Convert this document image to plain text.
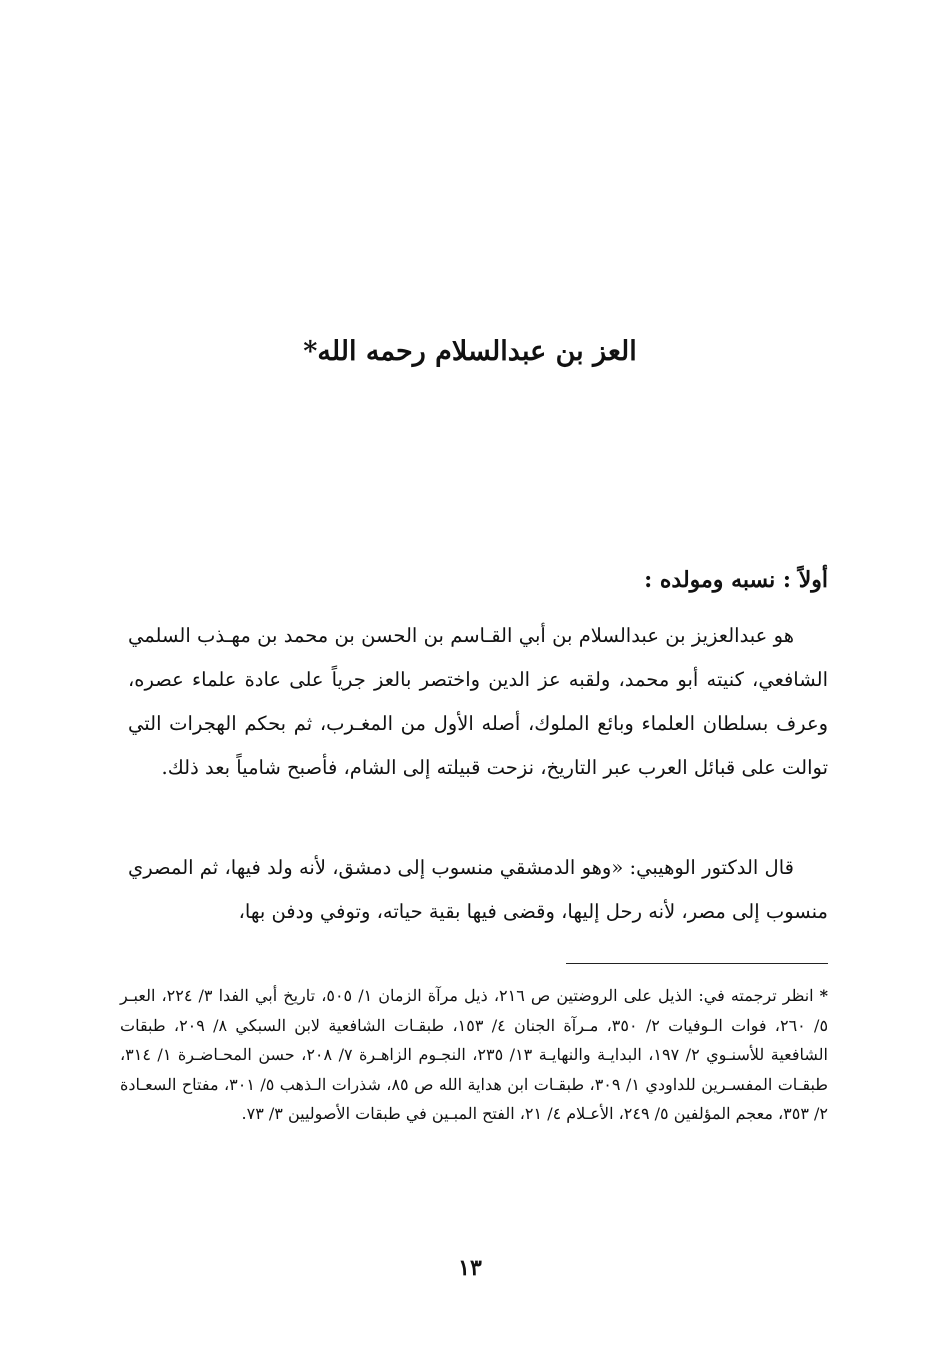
العز بن عبدالسلام رحمه الله*
أولاً : نسبه ومولده :

هو عبدالعزيز بن عبدالسلام بن أبي القـاسم بن الحسن بن محمد بن مهـذب السلمي الشافعي، كنيته أبو محمد، ولقبه عز الدين واختصر بالعز جرياً على عادة علماء عصره، وعرف بسلطان العلماء وبائع الملوك، أصله الأول من المغـرب، ثم بحكم الهجرات التي توالت على قبائل العرب عبر التاريخ، نزحت قبيلته إلى الشام، فأصبح شامياً بعد ذلك.

قال الدكتور الوهيبي: «وهو الدمشقي منسوب إلى دمشق، لأنه ولد فيها، ثم المصري منسوب إلى مصر، لأنه رحل إليها، وقضى فيها بقية حياته، وتوفي ودفن بها،

*انظر ترجمته في: الذيل على الروضتين ص ٢١٦، ذيل مرآة الزمان ١/ ٥٠٥، تاريخ أبي الفدا ٣/ ٢٢٤، العبـر ٥/ ٢٦٠، فوات الـوفيات ٢/ ٣٥٠، مـرآة الجنان ٤/ ١٥٣، طبقـات الشافعية لابن السبكي ٨/ ٢٠٩، طبقات الشافعية للأسنـوي ٢/ ١٩٧، البدايـة والنهايـة ١٣/ ٢٣٥، النجـوم الزاهـرة ٧/ ٢٠٨، حسن المحـاضـرة ١/ ٣١٤، طبقـات المفسـرين للداودي ١/ ٣٠٩، طبقـات ابن هداية الله ص ٨٥، شذرات الـذهب ٥/ ٣٠١، مفتاح السعـادة ٢/ ٣٥٣، معجم المؤلفين ٥/ ٢٤٩، الأعـلام ٤/ ٢١، الفتح المبـين في طبقات الأصوليين ٣/ ٧٣.

١٣
